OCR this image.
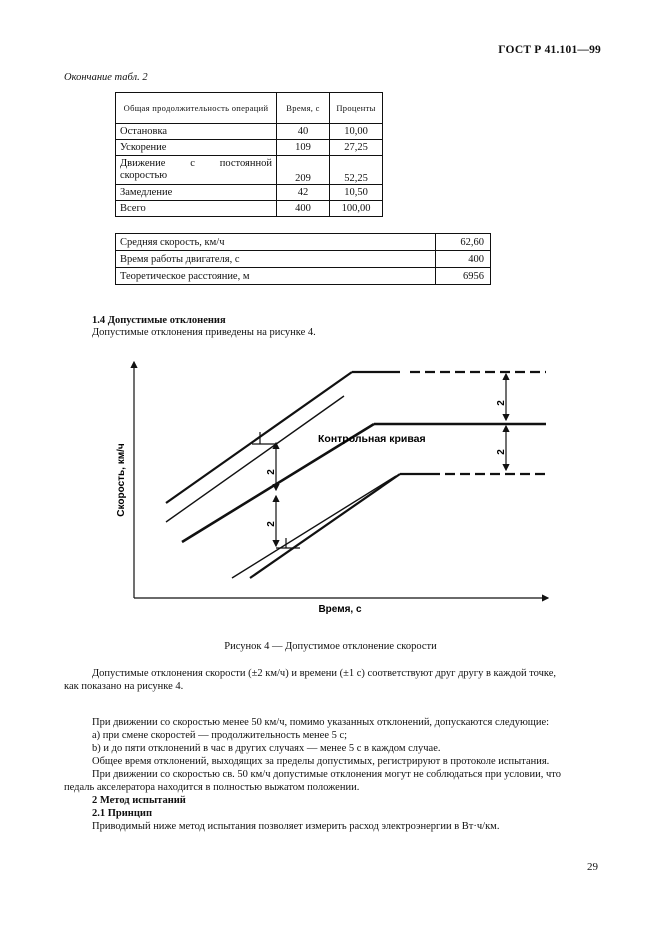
ГОСТ Р 41.101—99
Окончание табл. 2
Общая продолжительность операций	Время, с	Проценты
Остановка	40	10,00
Ускорение	109	27,25
Движение с постоянной скоростью	209	52,25
Замедление	42	10,50
Всего	400	100,00
Средняя скорость, км/ч	62,60
Время работы двигателя, с	400
Теоретическое расстояние, м	6956
1.4 Допустимые отклонения
Допустимые отклонения приведены на рисунке 4.
2
2
2
2
Контрольная кривая
Скорость, км/ч
Время, с
Рисунок 4 — Допустимое отклонение скорости
Допустимые отклонения скорости (±2 км/ч) и времени (±1 с) соответствуют друг другу в каждой точке, как показано на рисунке 4.
При движении со скоростью менее 50 км/ч, помимо указанных отклонений, допускаются следующие:
а) при смене скоростей — продолжительность менее 5 с;
b) и до пяти отклонений в час в других случаях — менее 5 с в каждом случае.
Общее время отклонений, выходящих за пределы допустимых, регистрируют в протоколе испытания.
При движении со скоростью св. 50 км/ч допустимые отклонения могут не соблюдаться при условии, что педаль акселератора находится в полностью выжатом положении.
2 Метод испытаний
2.1 Принцип
Приводимый ниже метод испытания позволяет измерить расход электроэнергии в Вт·ч/км.
29
